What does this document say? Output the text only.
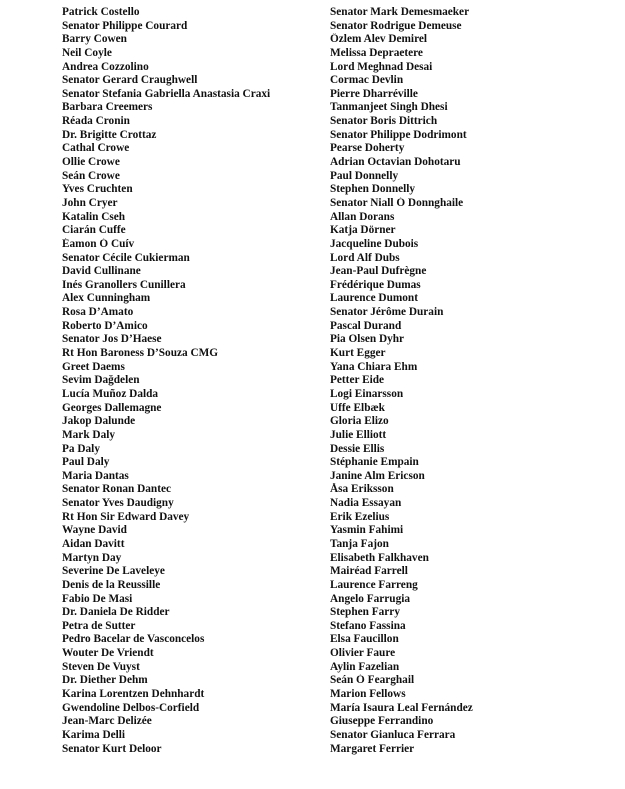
Patrick Costello
Senator Philippe Courard
Barry Cowen
Neil Coyle
Andrea Cozzolino
Senator Gerard Craughwell
Senator Stefania Gabriella Anastasia Craxi
Barbara Creemers
Réada Cronin
Dr. Brigitte Crottaz
Cathal Crowe
Ollie Crowe
Seán Crowe
Yves Cruchten
John Cryer
Katalin Cseh
Ciarán Cuffe
Éamon Ó Cuív
Senator Cécile Cukierman
David Cullinane
Inés Granollers Cunillera
Alex Cunningham
Rosa D’Amato
Roberto D’Amico
Senator Jos D’Haese
Rt Hon Baroness D’Souza CMG
Greet Daems
Sevim Dağdelen
Lucía Muñoz Dalda
Georges Dallemagne
Jakop Dalunde
Mark Daly
Pa Daly
Paul Daly
Maria Dantas
Senator Ronan Dantec
Senator Yves Daudigny
Rt Hon Sir Edward Davey
Wayne David
Aidan Davitt
Martyn Day
Severine De Laveleye
Denis de la Reussille
Fabio De Masi
Dr. Daniela De Ridder
Petra de Sutter
Pedro Bacelar de Vasconcelos
Wouter De Vriendt
Steven De Vuyst
Dr. Diether Dehm
Karina Lorentzen Dehnhardt
Gwendoline Delbos-Corfield
Jean-Marc Delizée
Karima Delli
Senator Kurt Deloor
Senator Mark Demesmaeker
Senator Rodrigue Demeuse
Özlem Alev Demirel
Melissa Depraetere
Lord Meghnad Desai
Cormac Devlin
Pierre Dharréville
Tanmanjeet Singh Dhesi
Senator Boris Dittrich
Senator Philippe Dodrimont
Pearse Doherty
Adrian Octavian Dohotaru
Paul Donnelly
Stephen Donnelly
Senator Niall Ó Donnghaile
Allan Dorans
Katja Dörner
Jacqueline Dubois
Lord Alf Dubs
Jean-Paul Dufrègne
Frédérique Dumas
Laurence Dumont
Senator Jérôme Durain
Pascal Durand
Pia Olsen Dyhr
Kurt Egger
Yana Chiara Ehm
Petter Eide
Logi Einarsson
Uffe Elbæk
Gloria Elizo
Julie Elliott
Dessie Ellis
Stéphanie Empain
Janine Alm Ericson
Åsa Eriksson
Nadia Essayan
Erik Ezelius
Yasmin Fahimi
Tanja Fajon
Elisabeth Falkhaven
Mairéad Farrell
Laurence Farreng
Angelo Farrugia
Stephen Farry
Stefano Fassina
Elsa Faucillon
Olivier Faure
Aylin Fazelian
Seán Ó Fearghail
Marion Fellows
María Isaura Leal Fernández
Giuseppe Ferrandino
Senator Gianluca Ferrara
Margaret Ferrier
